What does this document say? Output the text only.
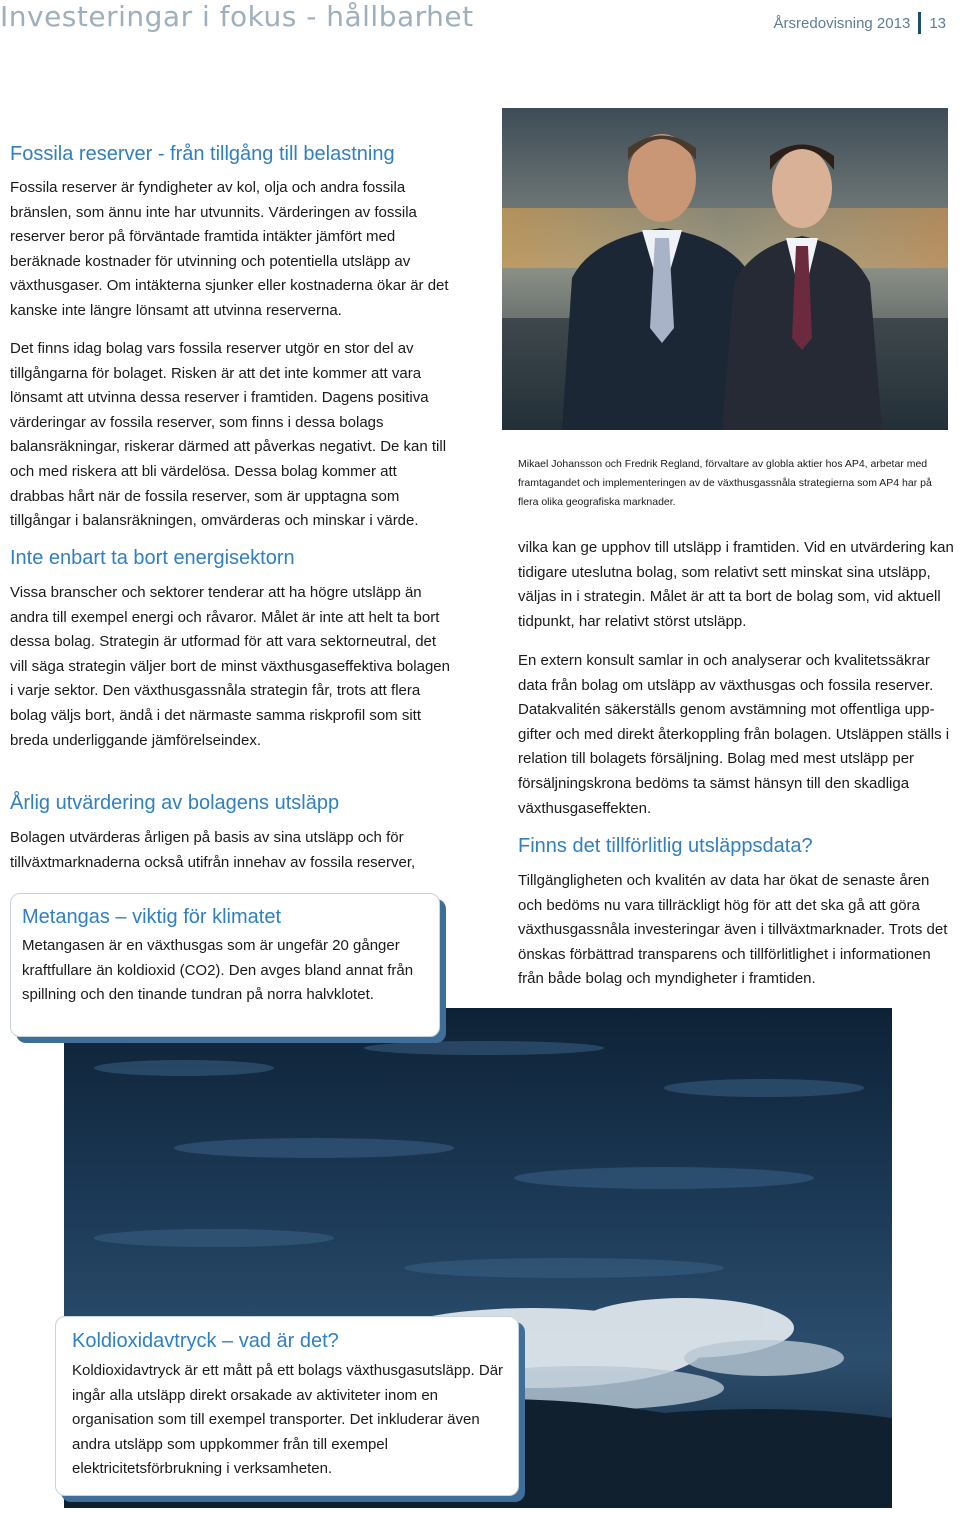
Investeringar i fokus - hållbarhet	Årsredovisning 2013	13
Fossila reserver - från tillgång till belastning

Fossila reserver är fyndigheter av kol, olja och andra fossila bränslen, som ännu inte har utvunnits. Värderingen av fossila reserver beror på förväntade framtida intäkter jämfört med beräknade kostnader för utvinning och potentiella utsläpp av växthusgaser. Om intäkterna sjunker eller kostnaderna ökar är det kanske inte längre lönsamt att utvinna reserverna.

Det finns idag bolag vars fossila reserver utgör en stor del av tillgångarna för bolaget. Risken är att det inte kommer att vara lönsamt att utvinna dessa reserver i framtiden. Dagens positiva värderingar av fossila reserver, som finns i dessa bolags balansräkningar, riskerar därmed att påverkas negativt. De kan till och med riskera att bli värdelösa. Dessa bolag kommer att drabbas hårt när de fossila reserver, som är upptagna som tillgångar i balansräkningen, omvärderas och minskar i värde.

Inte enbart ta bort energisektorn

Vissa branscher och sektorer tenderar att ha högre utsläpp än andra till exempel energi och råvaror. Målet är inte att helt ta bort dessa bolag. Strategin är utformad för att vara sektorneutral, det vill säga strategin väljer bort de minst växthusgaseffektiva bolagen i varje sektor. Den växthusgassnåla strategin får, trots att flera bolag väljs bort, ändå i det närmaste samma riskprofil som sitt breda underliggande jämförelseindex.

Årlig utvärdering av bolagens utsläpp

Bolagen utvärderas årligen på basis av sina utsläpp och för tillväxtmarknaderna också utifrån innehav av fossila reserver,

Mikael Johansson och Fredrik Regland, förvaltare av globla aktier hos AP4, arbetar med framtagandet och implementeringen av de växthusgassnåla strategierna som AP4 har på flera olika geografiska marknader.

vilka kan ge upphov till utsläpp i framtiden. Vid en utvärdering kan tidigare uteslutna bolag, som relativt sett minskat sina utsläpp, väljas in i strategin. Målet är att ta bort de bolag som, vid aktuell tidpunkt, har relativt störst utsläpp.

En extern konsult samlar in och analyserar och kvalitetssäkrar data från bolag om utsläpp av växthusgas och fossila reserver. Datakvalitén säkerställs genom avstämning mot offentliga upp-gifter och med direkt återkoppling från bolagen. Utsläppen ställs i relation till bolagets försäljning. Bolag med mest utsläpp per försäljningskrona bedöms ta sämst hänsyn till den skadliga växthusgaseffekten.

Finns det tillförlitlig utsläppsdata?

Tillgängligheten och kvalitén av data har ökat de senaste åren och bedöms nu vara tillräckligt hög för att det ska gå att göra växthusgassnåla investeringar även i tillväxtmarknader. Trots det önskas förbättrad transparens och tillförlitlighet i informationen från både bolag och myndigheter i framtiden.

Metangas – viktig för klimatet

Metangasen är en växthusgas som är ungefär 20 gånger kraftfullare än koldioxid (CO2). Den avges bland annat från spillning och den tinande tundran på norra halvklotet.

Koldioxidavtryck – vad är det?

Koldioxidavtryck är ett mått på ett bolags växthusgasutsläpp. Där ingår alla utsläpp direkt orsakade av aktiviteter inom en organisation som till exempel transporter. Det inkluderar även andra utsläpp som uppkommer från till exempel elektricitetsförbrukning i verksamheten.
